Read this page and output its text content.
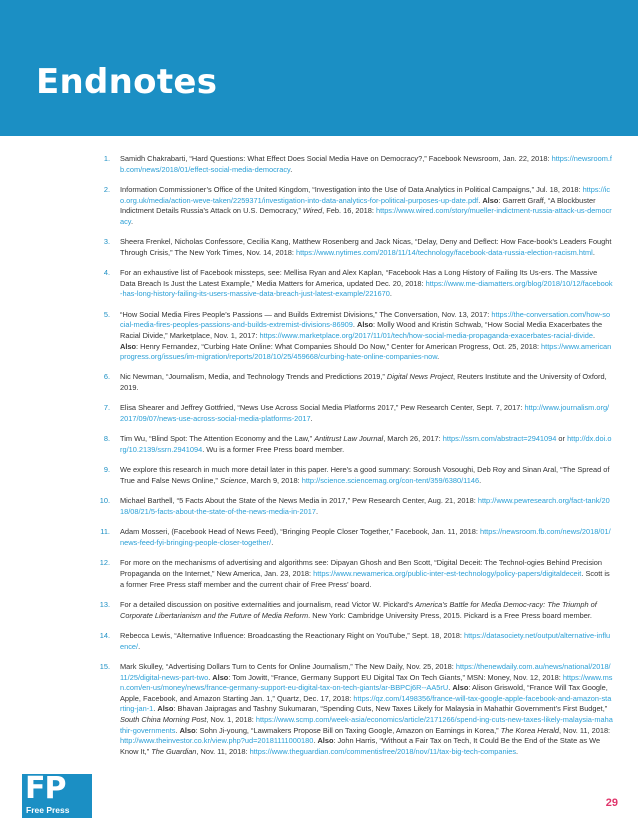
Endnotes
1. Samidh Chakrabarti, “Hard Questions: What Effect Does Social Media Have on Democracy?,” Facebook Newsroom, Jan. 22, 2018: https://newsroom.fb.com/news/2018/01/effect-social-media-democracy.
2. Information Commissioner’s Office of the United Kingdom, “Investigation into the Use of Data Analytics in Political Campaigns,” Jul. 18, 2018: https://ico.org.uk/media/action-weve-taken/2259371/investigation-into-data-analytics-for-political-purposes-up-date.pdf. Also: Garrett Graff, “A Blockbuster Indictment Details Russia’s Attack on U.S. Democracy,” Wired, Feb. 16, 2018: https://www.wired.com/story/mueller-indictment-russia-attack-us-democracy.
3. Sheera Frenkel, Nicholas Confessore, Cecilia Kang, Matthew Rosenberg and Jack Nicas, “Delay, Deny and Deflect: How Face-book’s Leaders Fought Through Crisis,” The New York Times, Nov. 14, 2018: https://www.nytimes.com/2018/11/14/technology/facebook-data-russia-election-racism.html.
4. For an exhaustive list of Facebook missteps, see: Mellisa Ryan and Alex Kaplan, “Facebook Has a Long History of Failing Its Us-ers. The Massive Data Breach Is Just the Latest Example,” Media Matters for America, updated Dec. 20, 2018: https://www.me-diamatters.org/blog/2018/10/12/facebook-has-long-history-failing-its-users-massive-data-breach-just-latest-example/221670.
5. “How Social Media Fires People’s Passions — and Builds Extremist Divisions,” The Conversation, Nov. 13, 2017: https://the-conversation.com/how-social-media-fires-peoples-passions-and-builds-extremist-divisions-86909. Also: Molly Wood and Kristin Schwab, “How Social Media Exacerbates the Racial Divide,” Marketplace, Nov. 1, 2017: https://www.marketplace.org/2017/11/01/tech/how-social-media-propaganda-exacerbates-racial-divide. Also: Henry Fernandez, “Curbing Hate Online: What Companies Should Do Now,” Center for American Progress, Oct. 25, 2018: https://www.americanprogress.org/issues/im-migration/reports/2018/10/25/459668/curbing-hate-online-companies-now.
6. Nic Newman, “Journalism, Media, and Technology Trends and Predictions 2019,” Digital News Project, Reuters Institute and the University of Oxford, 2019.
7. Elisa Shearer and Jeffrey Gottfried, “News Use Across Social Media Platforms 2017,” Pew Research Center, Sept. 7, 2017: http://www.journalism.org/2017/09/07/news-use-across-social-media-platforms-2017.
8. Tim Wu, “Blind Spot: The Attention Economy and the Law,” Antitrust Law Journal, March 26, 2017: https://ssrn.com/abstract=2941094 or http://dx.doi.org/10.2139/ssrn.2941094. Wu is a former Free Press board member.
9. We explore this research in much more detail later in this paper. Here’s a good summary: Soroush Vosoughi, Deb Roy and Sinan Aral, “The Spread of True and False News Online,” Science, March 9, 2018: http://science.sciencemag.org/con-tent/359/6380/1146.
10. Michael Barthell, “5 Facts About the State of the News Media in 2017,” Pew Research Center, Aug. 21, 2018: http://www.pewresearch.org/fact-tank/2018/08/21/5-facts-about-the-state-of-the-news-media-in-2017.
11. Adam Mosseri, (Facebook Head of News Feed), “Bringing People Closer Together,” Facebook, Jan. 11, 2018: https://newsroom.fb.com/news/2018/01/news-feed-fyi-bringing-people-closer-together/.
12. For more on the mechanisms of advertising and algorithms see: Dipayan Ghosh and Ben Scott, “Digital Deceit: The Technol-ogies Behind Precision Propaganda on the Internet,” New America, Jan. 23, 2018: https://www.newamerica.org/public-inter-est-technology/policy-papers/digitaldeceit. Scott is a former Free Press staff member and the current chair of Free Press’ board.
13. For a detailed discussion on positive externalities and journalism, read Victor W. Pickard’s America’s Battle for Media Democ-racy: The Triumph of Corporate Libertarianism and the Future of Media Reform. New York: Cambridge University Press, 2015. Pickard is a Free Press board member.
14. Rebecca Lewis, “Alternative Influence: Broadcasting the Reactionary Right on YouTube,” Sept. 18, 2018: https://datasociety.net/output/alternative-influence/.
15. Mark Skulley, “Advertising Dollars Turn to Cents for Online Journalism,” The New Daily, Nov. 25, 2018: https://thenewdaily.com.au/news/national/2018/11/25/digital-news-part-two. Also: Tom Jowitt, “France, Germany Support EU Digital Tax On Tech Giants,” MSN: Money, Nov. 12, 2018: https://www.msn.com/en-us/money/news/france-germany-support-eu-digital-tax-on-tech-giants/ar-BBPCj6R--AA5rU. Also: Alison Griswold, “France Will Tax Google, Apple, Facebook, and Amazon Starting Jan. 1,” Quartz, Dec. 17, 2018: https://qz.com/1498356/france-will-tax-google-apple-facebook-and-amazon-starting-jan-1. Also: Bhavan Jaipragas and Tashny Sukumaran, “Spending Cuts, New Taxes Likely for Malaysia in Mahathir Government’s First Budget,” South China Morning Post, Nov. 1, 2018: https://www.scmp.com/week-asia/economics/article/2171266/spend-ing-cuts-new-taxes-likely-malaysia-mahathir-governments. Also: Sohn Ji-young, “Lawmakers Propose Bill on Taxing Google, Amazon on Earnings in Korea,” The Korea Herald, Nov. 11, 2018: http://www.theinvestor.co.kr/view.php?ud=20181111000180. Also: John Harris, “Without a Fair Tax on Tech, It Could Be the End of the State as We Know It,” The Guardian, Nov. 11, 2018: https://www.theguardian.com/commentisfree/2018/nov/11/tax-big-tech-companies.
FP
Free Press
29
